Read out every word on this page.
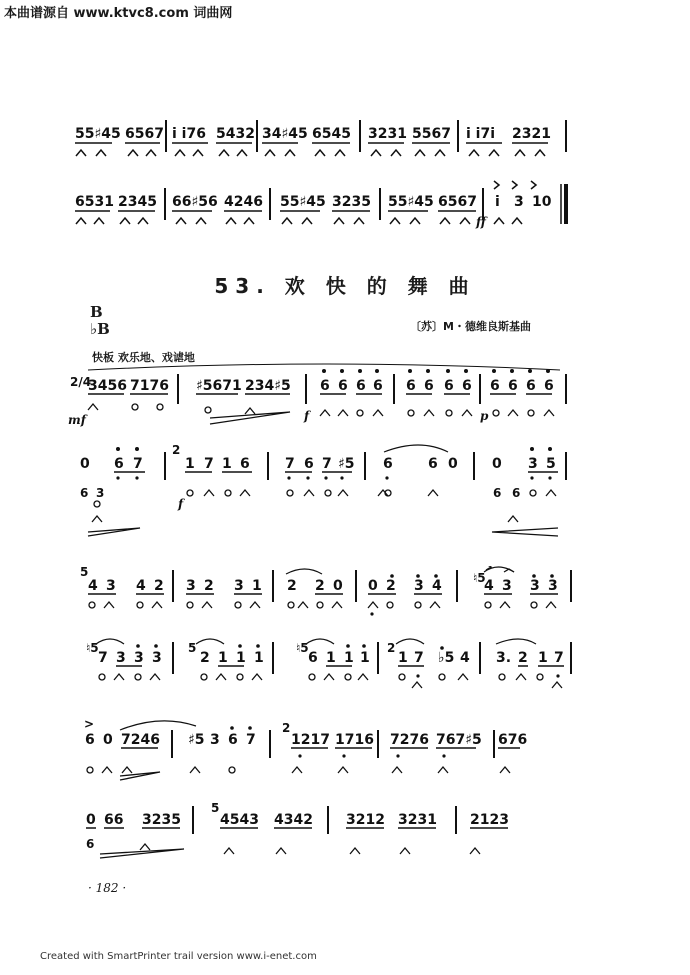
本曲谱源自 www.ktvc8.com 词曲网
55♯45 6567 i i76 5432 34♯45 6545 3231 5567 i i7i 2321
6531 2345 66♯56 4246 55♯45 3235 55♯45 6567 i 3 10
ff
53. 欢 快 的 舞 曲
B
♭B	〔苏〕M・德维良斯基曲
快板 欢乐地、戏谑地
2/4
3456 7176 ♯5671 234♯5 6 6 6 6 6 6 6 6 6 6 6 6
mf	f	p
0 6 7	1 7 1 6	7 6 7 ♯5 6	6 0 0 3 5
2
6 3	6 6
f
5
4 3 4 2 3 2 3 1 2 2 0 0 2 3 4	4 3 3 3
♮5
♮5	5	♮5	2
7 3 3 3	2 1 1 1	6 1 1 1 1 7 ♭5 4 3. 2 1 7
>	2
6 0 7246 ♯5 3 6 7	1217 1716 7276 767♯5 676
5
0 66 3235	4543 4342 3212 3231 2123
6
· 182 ·
Created with SmartPrinter trail version www.i-enet.com
